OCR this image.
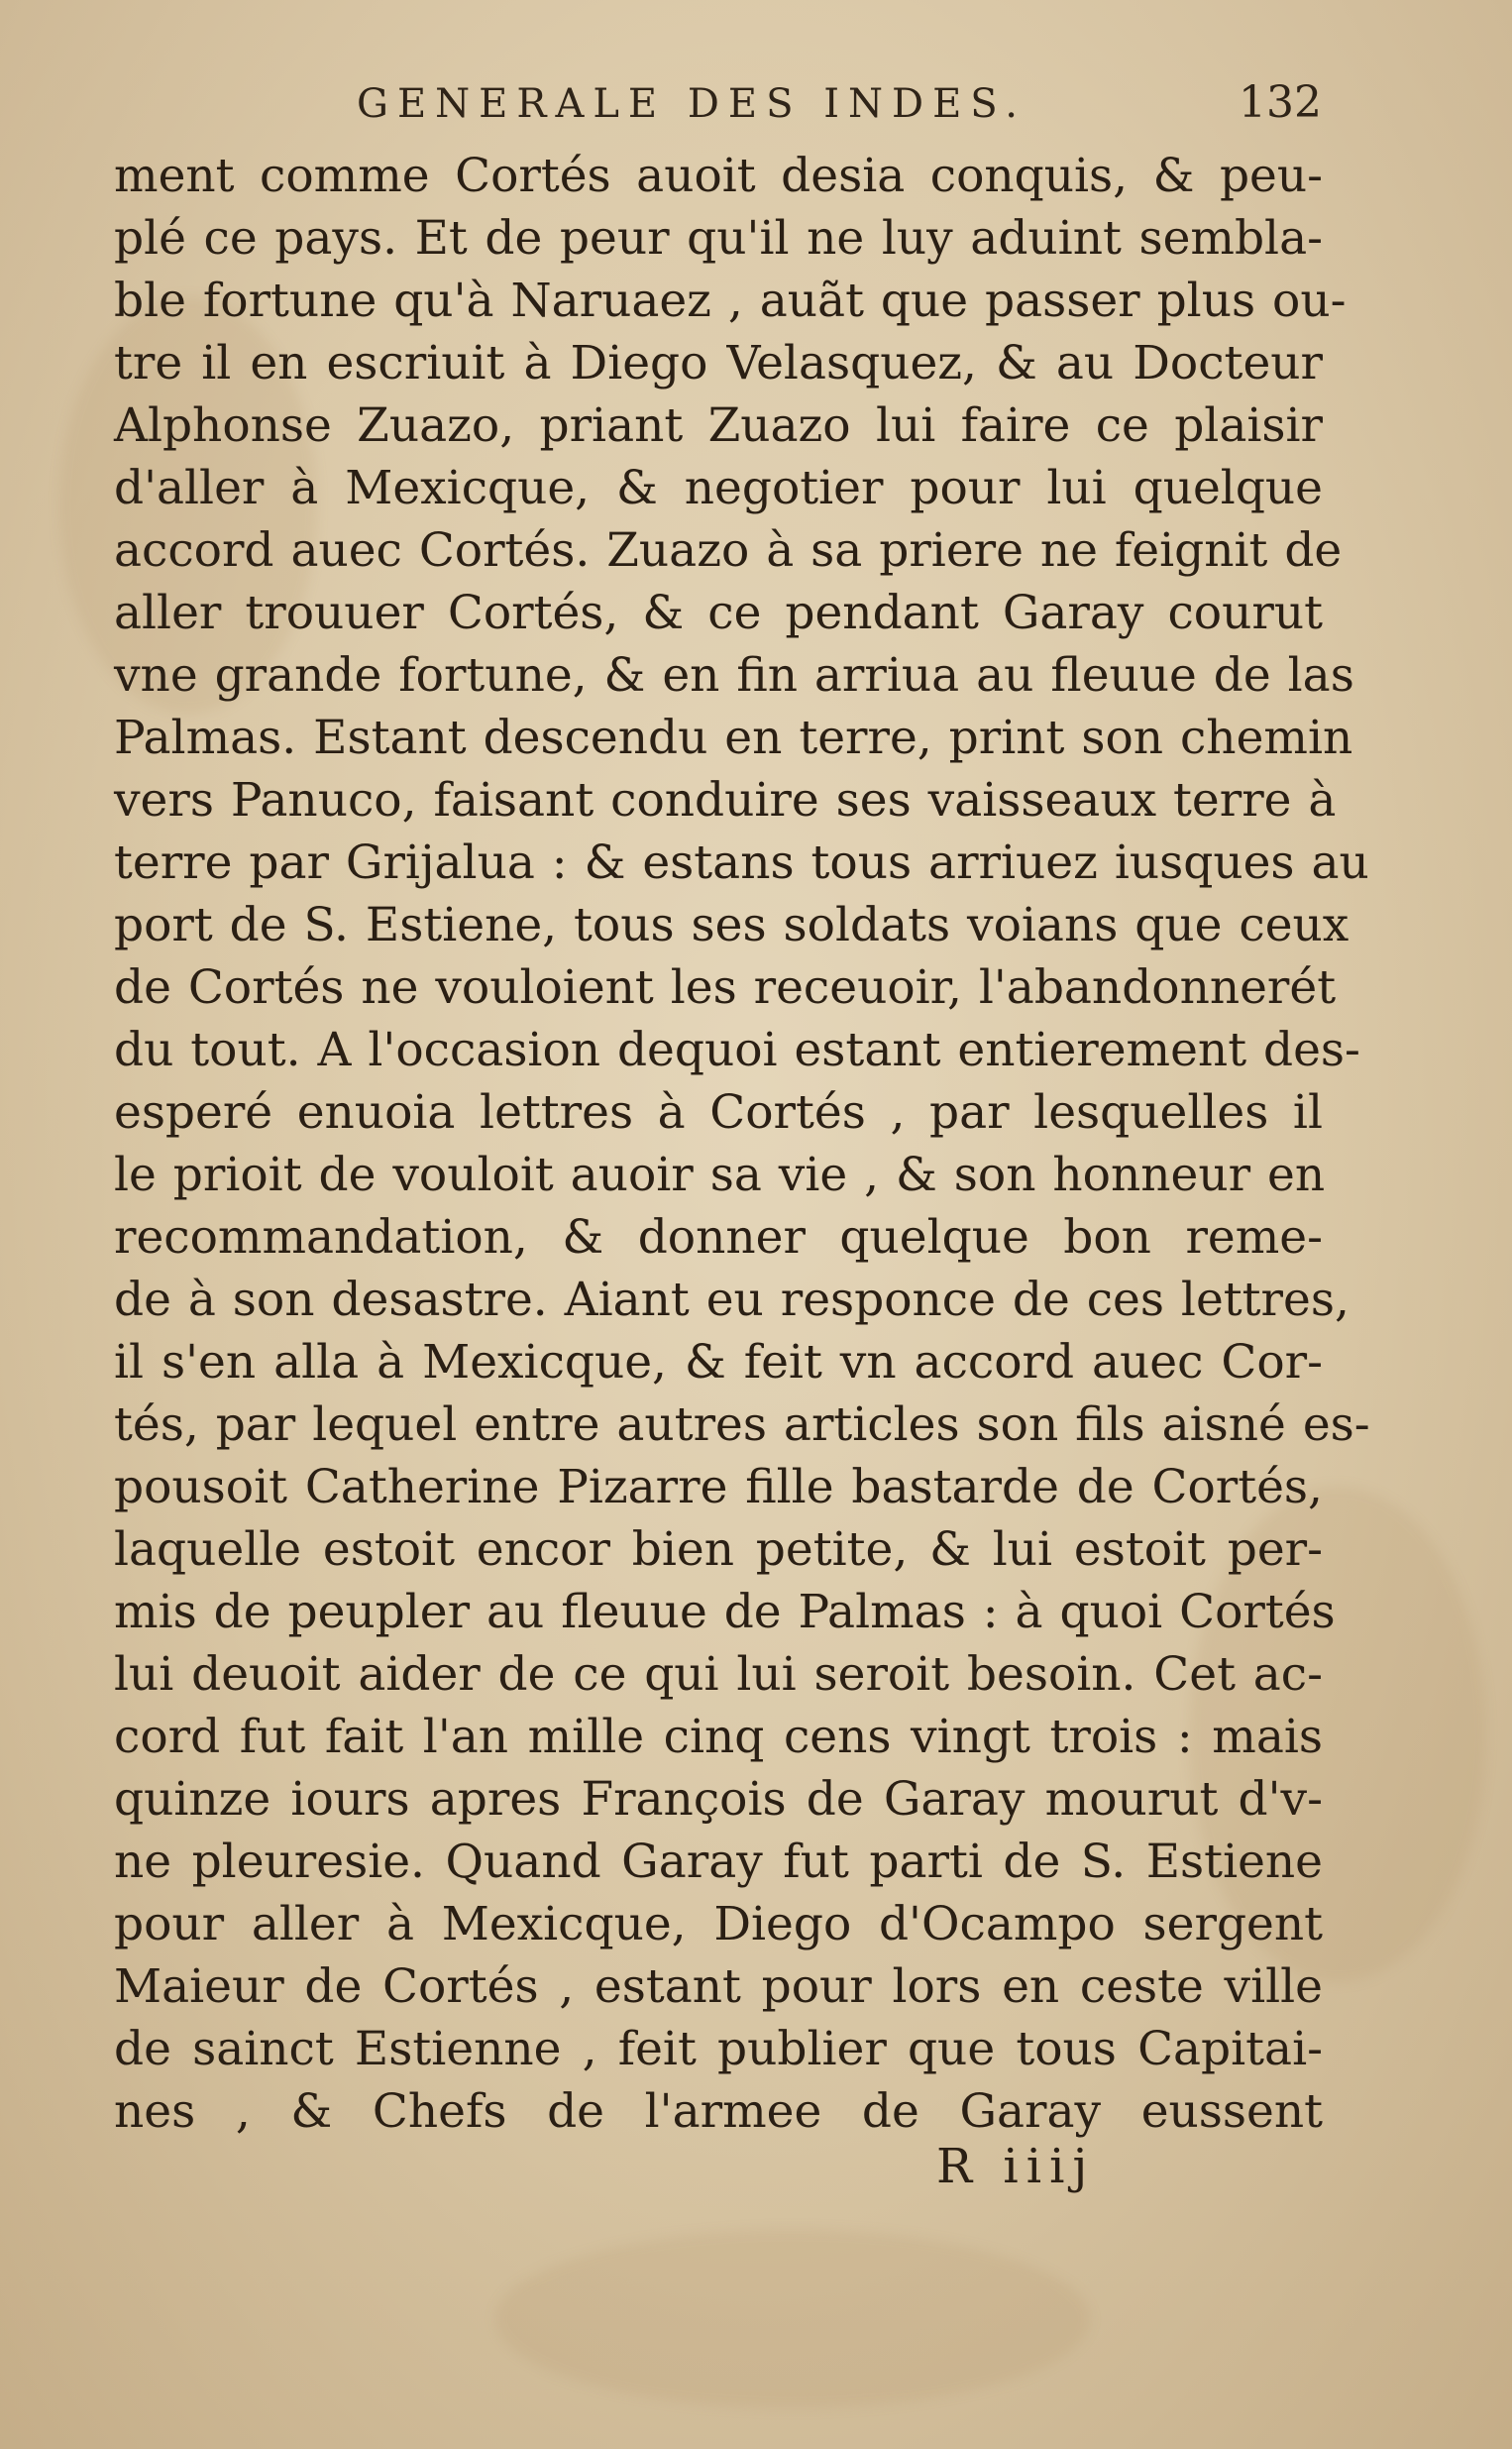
GENERALE DES INDES.	132
ment comme Cortés auoit desia conquis, & peu-
plé ce pays. Et de peur qu'il ne luy aduint sembla-
ble fortune qu'à Naruaez , auãt que passer plus ou-
tre il en escriuit à Diego Velasquez, & au Docteur
Alphonse Zuazo, priant Zuazo lui faire ce plaisir
d'aller à Mexicque, & negotier pour lui quelque
accord auec Cortés. Zuazo à sa priere ne feignit de
aller trouuer Cortés, & ce pendant Garay courut
vne grande fortune, & en fin arriua au fleuue de las
Palmas. Estant descendu en terre, print son chemin
vers Panuco, faisant conduire ses vaisseaux terre à
terre par Grijalua : & estans tous arriuez iusques au
port de S. Estiene, tous ses soldats voians que ceux
de Cortés ne vouloient les receuoir, l'abandonnerét
du tout. A l'occasion dequoi estant entierement des-
esperé enuoia lettres à Cortés , par lesquelles il
le prioit de vouloit auoir sa vie , & son honneur en
recommandation, & donner quelque bon reme-
de à son desastre. Aiant eu responce de ces lettres,
il s'en alla à Mexicque, & feit vn accord auec Cor-
tés, par lequel entre autres articles son fils aisné es-
pousoit Catherine Pizarre fille bastarde de Cortés,
laquelle estoit encor bien petite, & lui estoit per-
mis de peupler au fleuue de Palmas : à quoi Cortés
lui deuoit aider de ce qui lui seroit besoin. Cet ac-
cord fut fait l'an mille cinq cens vingt trois : mais
quinze iours apres François de Garay mourut d'v-
ne pleuresie. Quand Garay fut parti de S. Estiene
pour aller à Mexicque, Diego d'Ocampo sergent
Maieur de Cortés , estant pour lors en ceste ville
de sainct Estienne , feit publier que tous Capitai-
nes , & Chefs de l'armee de Garay eussent
R iiij
